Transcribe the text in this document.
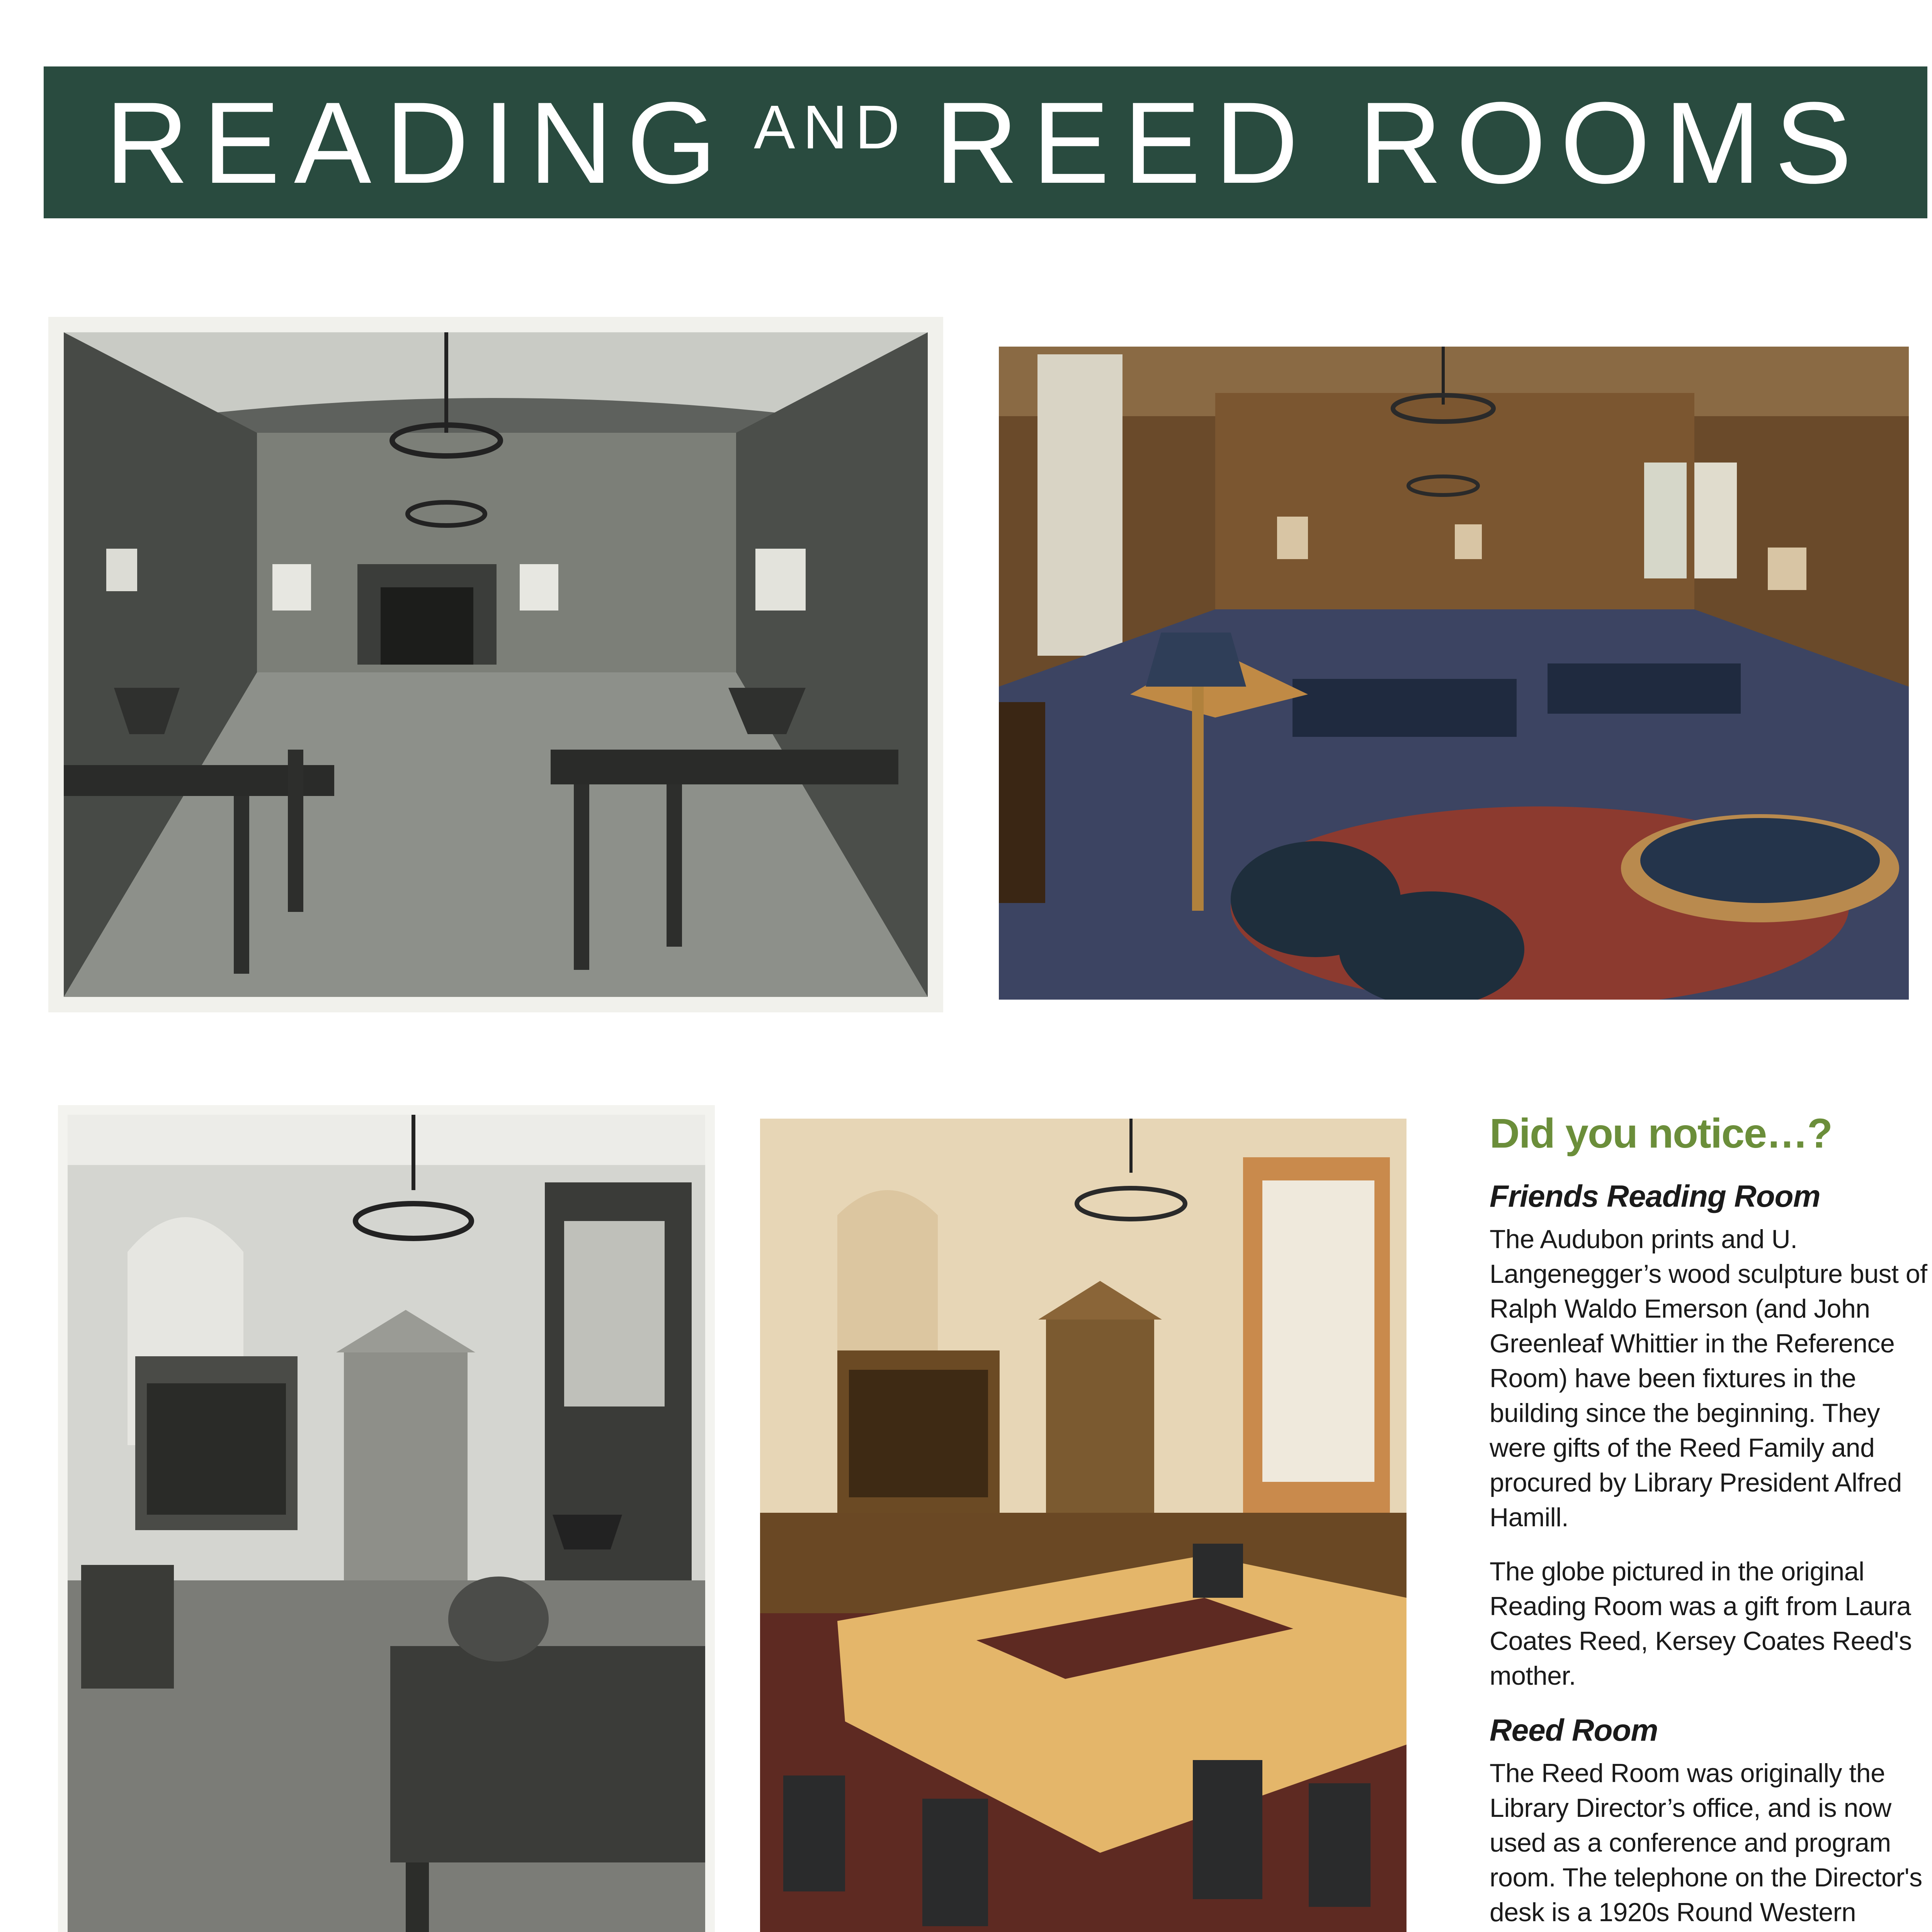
READING AND REED ROOMS
Did you notice…?
Friends Reading Room

The Audubon prints and U. Langenegger’s wood sculpture bust of Ralph Waldo Emerson (and John Greenleaf Whittier in the Reference Room) have been fixtures in the building since the beginning. They were gifts of the Reed Family and procured by Library President Alfred Hamill.

The globe pictured in the original Reading Room was a gift from Laura Coates Reed, Kersey Coates Reed's mother.

Reed Room

The Reed Room was originally the Library Director’s office, and is now used as a conference and program room. The telephone on the Director's desk is a 1920s Round Western
